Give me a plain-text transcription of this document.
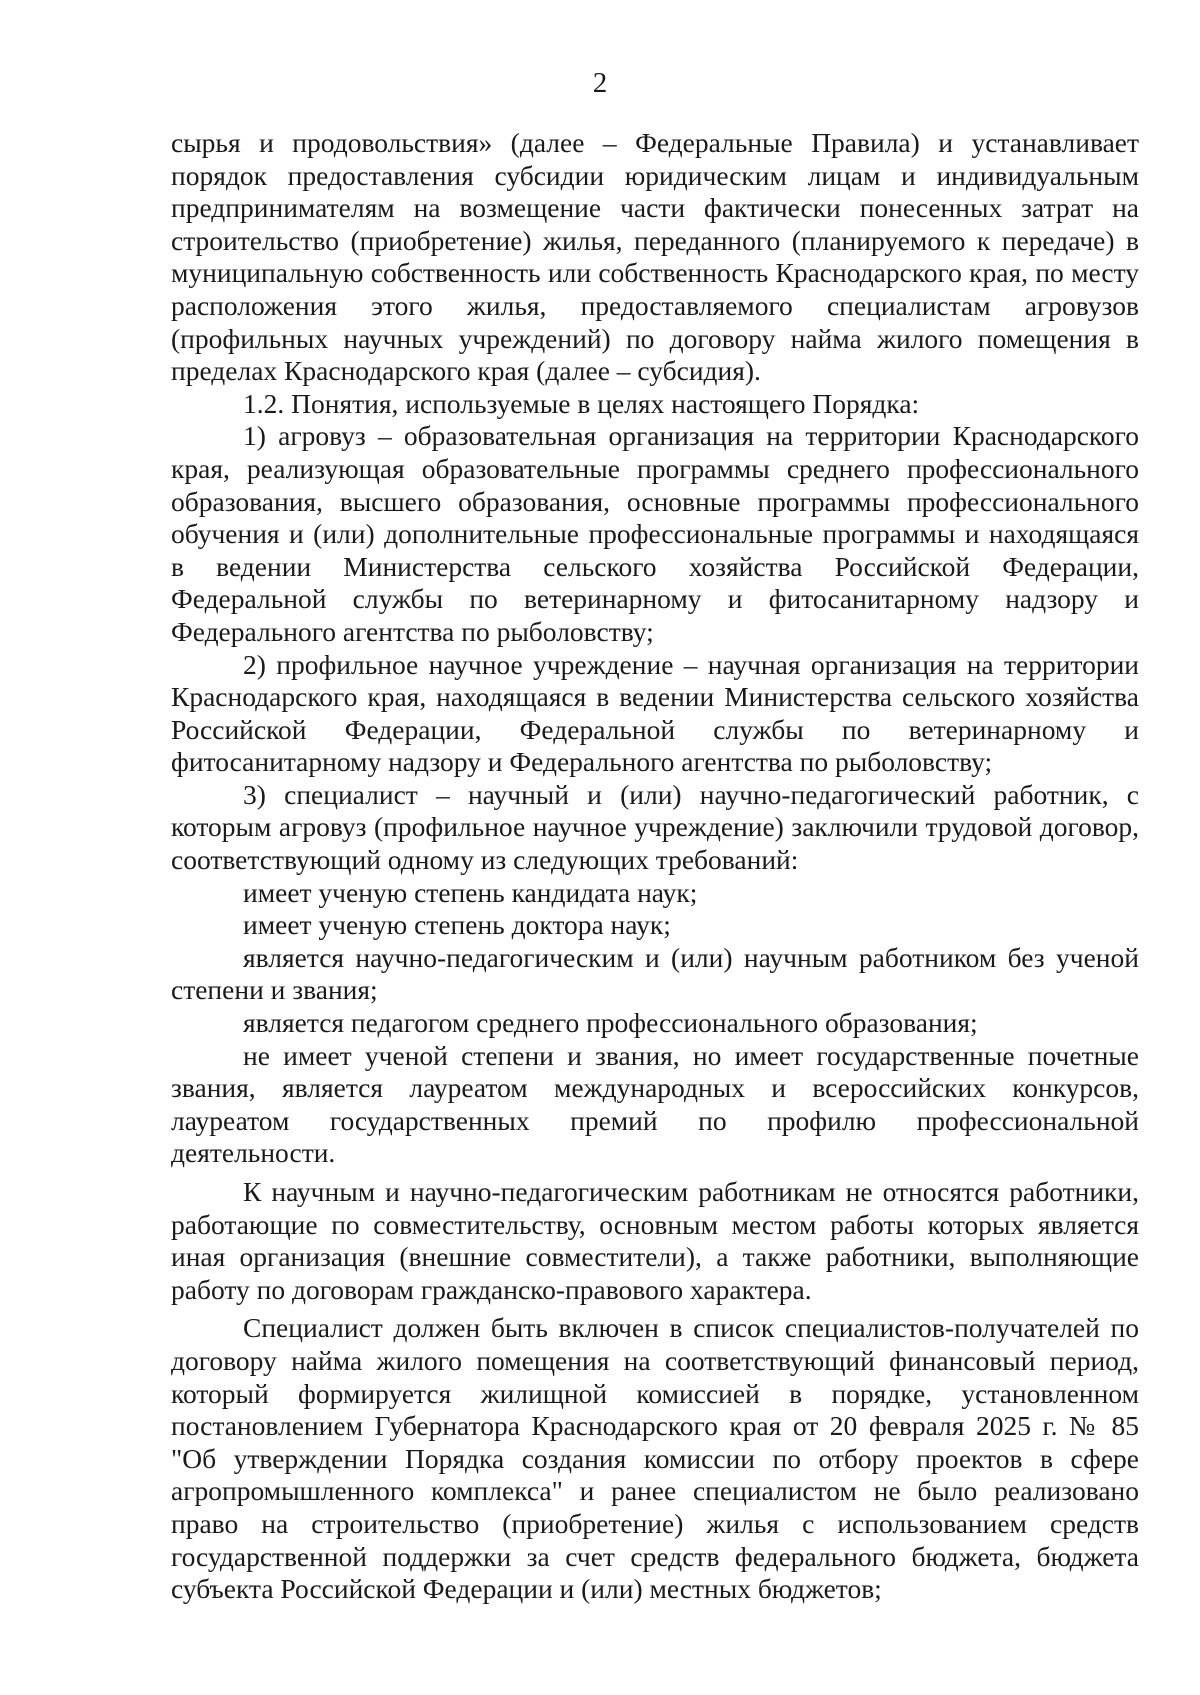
2

сырья и продовольствия» (далее – Федеральные Правила) и устанавливает порядок предоставления субсидии юридическим лицам и индивидуальным предпринимателям на возмещение части фактически понесенных затрат на строительство (приобретение) жилья, переданного (планируемого к передаче) в муниципальную собственность или собственность Краснодарского края, по месту расположения этого жилья, предоставляемого специалистам агровузов (профильных научных учреждений) по договору найма жилого помещения в пределах Краснодарского края (далее – субсидия).

1.2. Понятия, используемые в целях настоящего Порядка:

1) агровуз – образовательная организация на территории Краснодарского края, реализующая образовательные программы среднего профессионального образования, высшего образования, основные программы профессионального обучения и (или) дополнительные профессиональные программы и находящаяся в ведении Министерства сельского хозяйства Российской Федерации, Федеральной службы по ветеринарному и фитосанитарному надзору и Федерального агентства по рыболовству;

2) профильное научное учреждение – научная организация на территории Краснодарского края, находящаяся в ведении Министерства сельского хозяйства Российской Федерации, Федеральной службы по ветеринарному и фитосанитарному надзору и Федерального агентства по рыболовству;

3) специалист – научный и (или) научно-педагогический работник, с которым агровуз (профильное научное учреждение) заключили трудовой договор, соответствующий одному из следующих требований:

имеет ученую степень кандидата наук;

имеет ученую степень доктора наук;

является научно-педагогическим и (или) научным работником без ученой степени и звания;

является педагогом среднего профессионального образования;

не имеет ученой степени и звания, но имеет государственные почетные звания, является лауреатом международных и всероссийских конкурсов, лауреатом государственных премий по профилю профессиональной деятельности.

К научным и научно-педагогическим работникам не относятся работники, работающие по совместительству, основным местом работы которых является иная организация (внешние совместители), а также работники, выполняющие работу по договорам гражданско-правового характера.

Специалист должен быть включен в список специалистов-получателей по договору найма жилого помещения на соответствующий финансовый период, который формируется жилищной комиссией в порядке, установленном постановлением Губернатора Краснодарского края от 20 февраля 2025 г. № 85 "Об утверждении Порядка создания комиссии по отбору проектов в сфере агропромышленного комплекса" и ранее специалистом не было реализовано право на строительство (приобретение) жилья с использованием средств государственной поддержки за счет средств федерального бюджета, бюджета субъекта Российской Федерации и (или) местных бюджетов;
